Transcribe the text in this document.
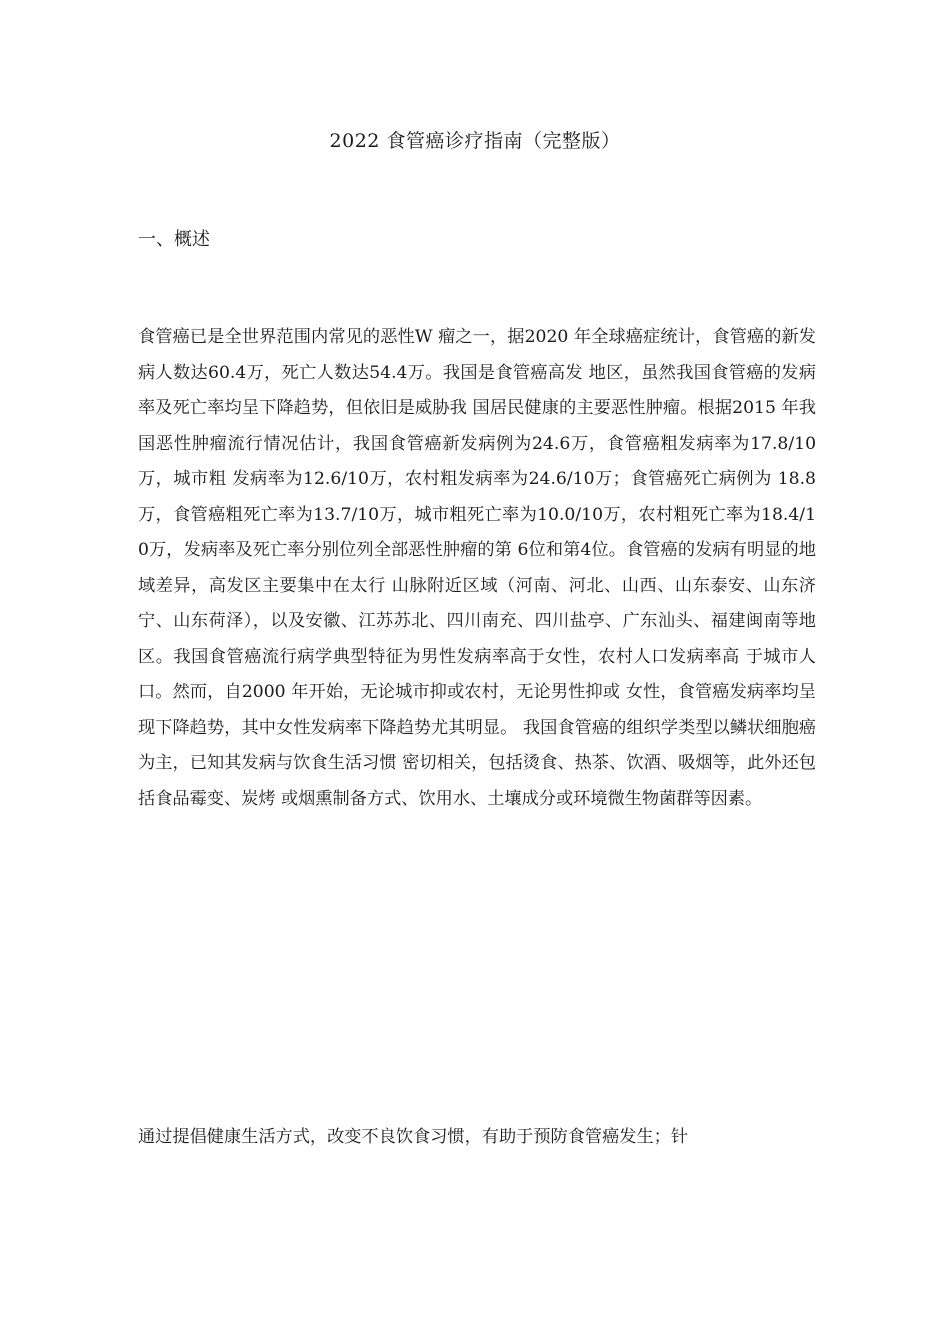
2022 食管癌诊疗指南（完整版）
一、概述

食管癌已是全世界范围内常见的恶性W 瘤之一，据2020 年全球癌症统计，食管癌的新发病人数达60.4万，死亡人数达54.4万。我国是食管癌高发 地区，虽然我国食管癌的发病率及死亡率均呈下降趋势，但依旧是威胁我 国居民健康的主要恶性肿瘤。根据2015 年我国恶性肿瘤流行情况估计，我国食管癌新发病例为24.6万，食管癌粗发病率为17.8/10万，城市粗 发病率为12.6/10万，农村粗发病率为24.6/10万；食管癌死亡病例为 18.8万，食管癌粗死亡率为13.7/10万，城市粗死亡率为10.0/10万，农村粗死亡率为18.4/10万，发病率及死亡率分别位列全部恶性肿瘤的第 6位和第4位。食管癌的发病有明显的地域差异，高发区主要集中在太行 山脉附近区域（河南、河北、山西、山东泰安、山东济宁、山东荷泽），以及安徽、江苏苏北、四川南充、四川盐亭、广东汕头、福建闽南等地区。我国食管癌流行病学典型特征为男性发病率高于女性，农村人口发病率高 于城市人口。然而，自2000 年开始，无论城市抑或农村，无论男性抑或 女性，食管癌发病率均呈现下降趋势，其中女性发病率下降趋势尤其明显。 我国食管癌的组织学类型以鳞状细胞癌为主，已知其发病与饮食生活习惯 密切相关，包括烫食、热茶、饮酒、吸烟等，此外还包括食品霉变、炭烤 或烟熏制备方式、饮用水、土壤成分或环境微生物菌群等因素。

通过提倡健康生活方式，改变不良饮食习惯，有助于预防食管癌发生；针
